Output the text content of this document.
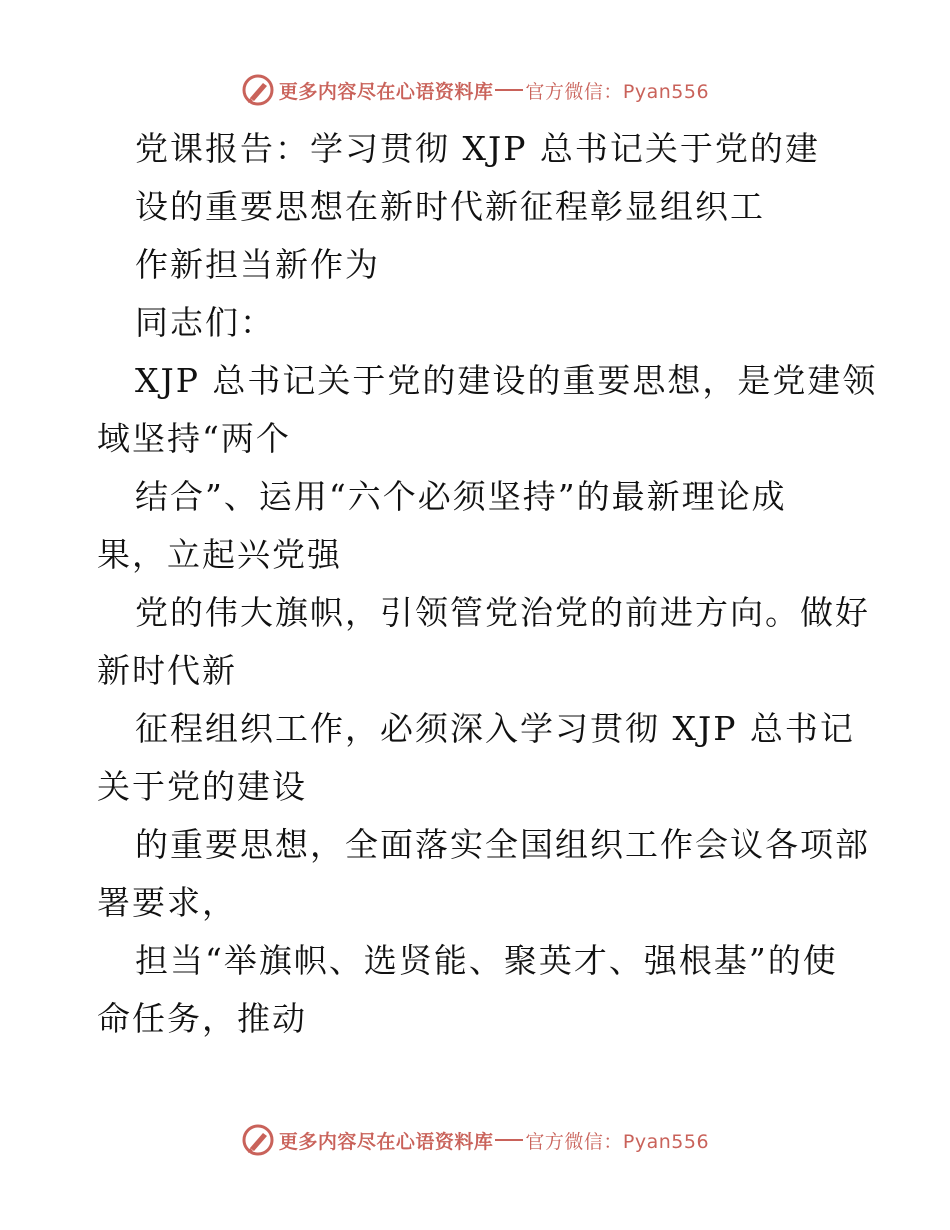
更多内容尽在心语资料库 官方微信：Pyan556
党课报告：学习贯彻 XJP 总书记关于党的建
设的重要思想在新时代新征程彰显组织工
作新担当新作为
同志们：
XJP 总书记关于党的建设的重要思想，是党建领
域坚持“两个
结合”、运用“六个必须坚持”的最新理论成
果，立起兴党强
党的伟大旗帜，引领管党治党的前进方向。做好
新时代新
征程组织工作，必须深入学习贯彻 XJP 总书记
关于党的建设
的重要思想，全面落实全国组织工作会议各项部
署要求，
担当“举旗帜、选贤能、聚英才、强根基”的使
命任务，推动
更多内容尽在心语资料库 官方微信：Pyan556
